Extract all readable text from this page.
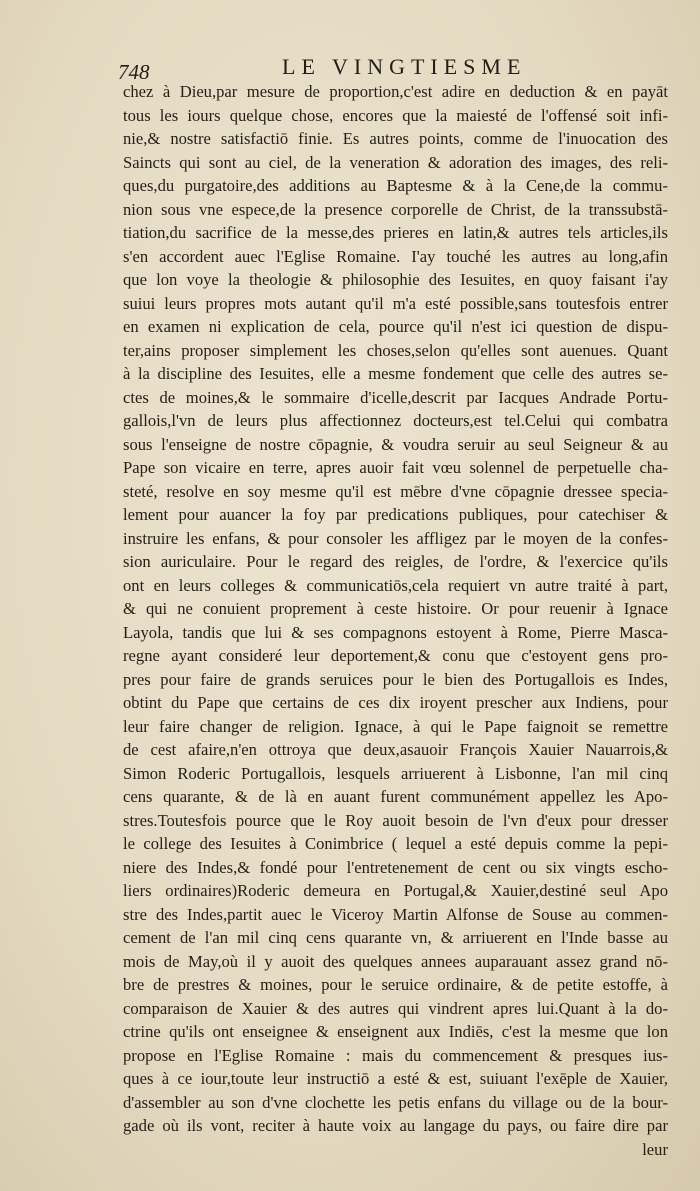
748	LE VINGTIESME
chez à Dieu,par mesure de proportion,c'est adire en deduction & en payāt
tous les iours quelque chose, encores que la maiesté de l'offensé soit infi-
nie,& nostre satisfactiō finie. Es autres points, comme de l'inuocation des
Saincts qui sont au ciel, de la veneration & adoration des images, des reli-
ques,du purgatoire,des additions au Baptesme & à la Cene,de la commu-
nion sous vne espece,de la presence corporelle de Christ, de la transsubstā-
tiation,du sacrifice de la messe,des prieres en latin,& autres tels articles,ils
s'en accordent auec l'Eglise Romaine. I'ay touché les autres au long,afin
que lon voye la theologie & philosophie des Iesuites, en quoy faisant i'ay
suiui leurs propres mots autant qu'il m'a esté possible,sans toutesfois entrer
en examen ni explication de cela, pource qu'il n'est ici question de dispu-
ter,ains proposer simplement les choses,selon qu'elles sont auenues. Quant
à la discipline des Iesuites, elle a mesme fondement que celle des autres se-
ctes de moines,& le sommaire d'icelle,descrit par Iacques Andrade Portu-
gallois,l'vn de leurs plus affectionnez docteurs,est tel.Celui qui combatra
sous l'enseigne de nostre cōpagnie, & voudra seruir au seul Seigneur & au
Pape son vicaire en terre, apres auoir fait vœu solennel de perpetuelle cha-
steté, resolve en soy mesme qu'il est mēbre d'vne cōpagnie dressee specia-
lement pour auancer la foy par predications publiques, pour catechiser &
instruire les enfans, & pour consoler les affligez par le moyen de la confes-
sion auriculaire. Pour le regard des reigles, de l'ordre, & l'exercice qu'ils
ont en leurs colleges & communicatiōs,cela requiert vn autre traité à part,
& qui ne conuient proprement à ceste histoire. Or pour reuenir à Ignace
Layola, tandis que lui & ses compagnons estoyent à Rome, Pierre Masca-
regne ayant consideré leur deportement,& conu que c'estoyent gens pro-
pres pour faire de grands seruices pour le bien des Portugallois es Indes,
obtint du Pape que certains de ces dix iroyent prescher aux Indiens, pour
leur faire changer de religion. Ignace, à qui le Pape faignoit se remettre
de cest afaire,n'en ottroya que deux,asauoir François Xauier Nauarrois,&
Simon Roderic Portugallois, lesquels arriuerent à Lisbonne, l'an mil cinq
cens quarante, & de là en auant furent communément appellez les Apo-
stres.Toutesfois pource que le Roy auoit besoin de l'vn d'eux pour dresser
le college des Iesuites à Conimbrice ( lequel a esté depuis comme la pepi-
niere des Indes,& fondé pour l'entretenement de cent ou six vingts escho-
liers ordinaires)Roderic demeura en Portugal,& Xauier,destiné seul Apo
stre des Indes,partit auec le Viceroy Martin Alfonse de Souse au commen-
cement de l'an mil cinq cens quarante vn, & arriuerent en l'Inde basse au
mois de May,où il y auoit des quelques annees auparauant assez grand nō-
bre de prestres & moines, pour le seruice ordinaire, & de petite estoffe, à
comparaison de Xauier & des autres qui vindrent apres lui.Quant à la do-
ctrine qu'ils ont enseignee & enseignent aux Indiēs, c'est la mesme que lon
propose en l'Eglise Romaine : mais du commencement & presques ius-
ques à ce iour,toute leur instructiō a esté & est, suiuant l'exēple de Xauier,
d'assembler au son d'vne clochette les petis enfans du village ou de la bour-
gade où ils vont, reciter à haute voix au langage du pays, ou faire dire par
leur
